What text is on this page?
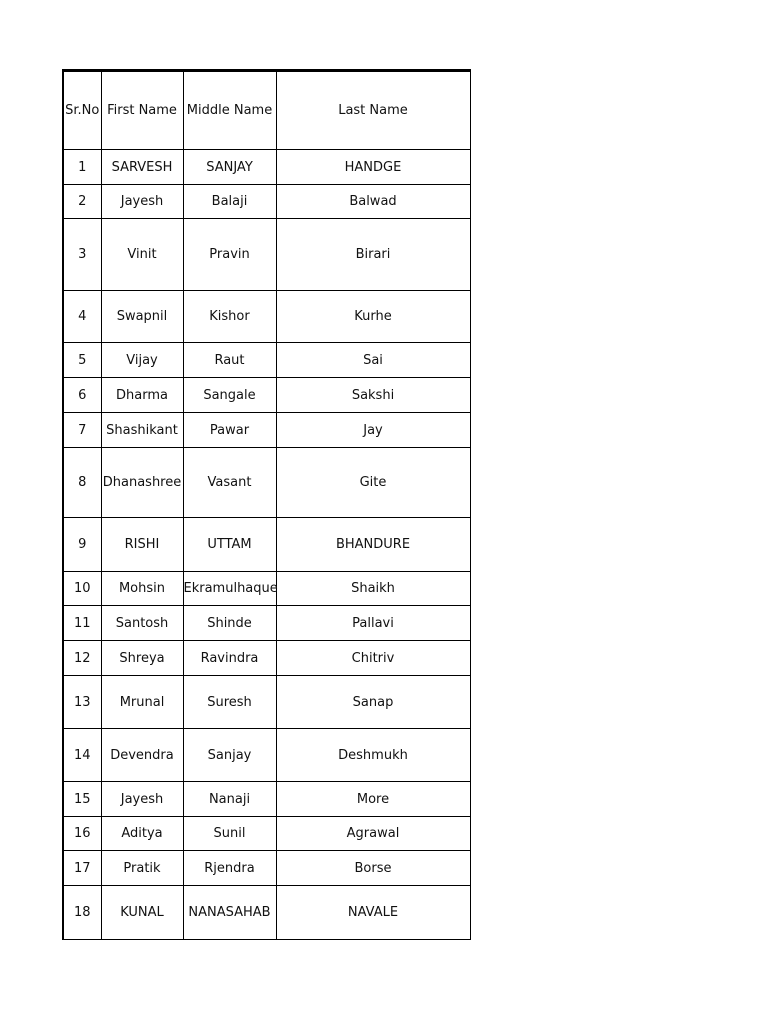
Sr.No	First Name	Middle Name	Last Name
1	SARVESH	SANJAY	HANDGE
2	Jayesh	Balaji	Balwad
3	Vinit	Pravin	Birari
4	Swapnil	Kishor	Kurhe
5	Vijay	Raut	Sai
6	Dharma	Sangale	Sakshi
7	Shashikant	Pawar	Jay
8	Dhanashree	Vasant	Gite
9	RISHI	UTTAM	BHANDURE
10	Mohsin	Ekramulhaque	Shaikh
11	Santosh	Shinde	Pallavi
12	Shreya	Ravindra	Chitriv
13	Mrunal	Suresh	Sanap
14	Devendra	Sanjay	Deshmukh
15	Jayesh	Nanaji	More
16	Aditya	Sunil	Agrawal
17	Pratik	Rjendra	Borse
18	KUNAL	NANASAHAB	NAVALE
